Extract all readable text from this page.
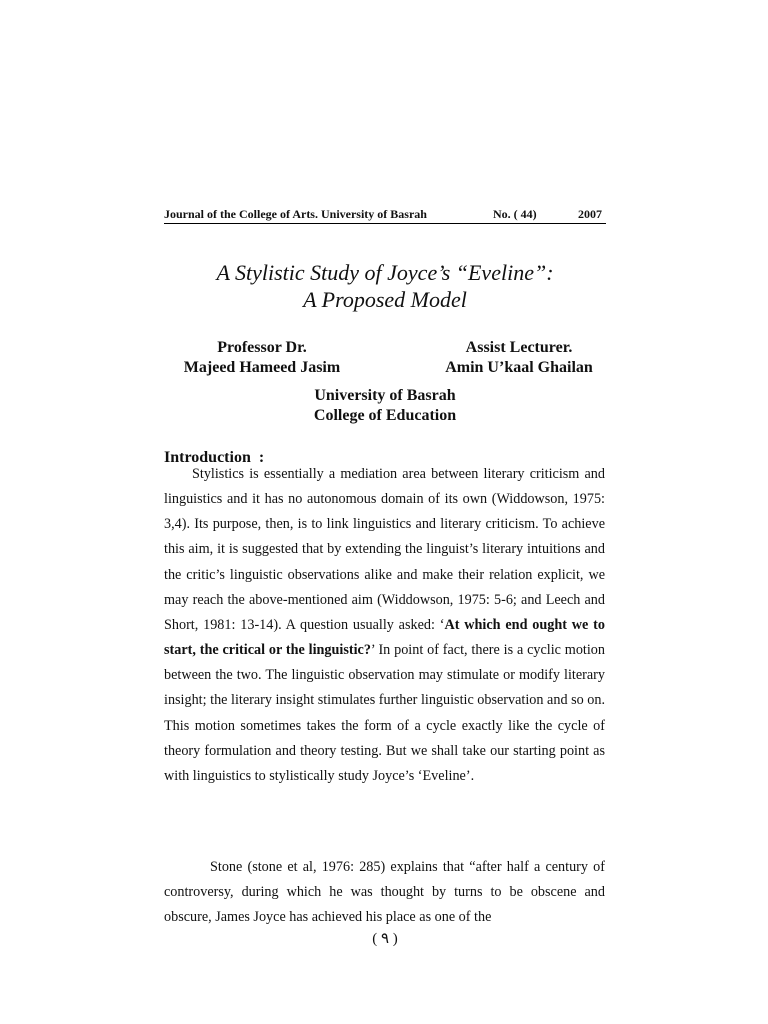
Journal of the College of Arts. University of Basrah	No. ( 44)	2007
A Stylistic Study of Joyce’s “Eveline”:
A Proposed Model
Professor Dr.
Majeed Hameed Jasim
Assist Lecturer.
Amin U’kaal Ghailan
University of Basrah
College of Education
Introduction  :

Stylistics is essentially a mediation area between literary criticism and linguistics and it has no autonomous domain of its own (Widdowson, 1975: 3,4). Its purpose, then, is to link linguistics and literary criticism. To achieve this aim, it is suggested that by extending the linguist’s literary intuitions and the critic’s linguistic observations alike and make their relation explicit, we may reach the above-mentioned aim (Widdowson, 1975: 5-6; and Leech and Short, 1981: 13-14). A question usually asked: ‘At which end ought we to start, the critical or the linguistic?’ In point of fact, there is a cyclic motion between the two. The linguistic observation may stimulate or modify literary insight; the literary insight stimulates further linguistic observation and so on. This motion sometimes takes the form of a cycle exactly like the cycle of theory formulation and theory testing. But we shall take our starting point as with linguistics to stylistically study Joyce’s ‘Eveline’.

Stone (stone et al, 1976: 285) explains that “after half a century of controversy, during which he was thought by turns to be obscene and obscure, James Joyce has achieved his place as one of the

( ٩ )
